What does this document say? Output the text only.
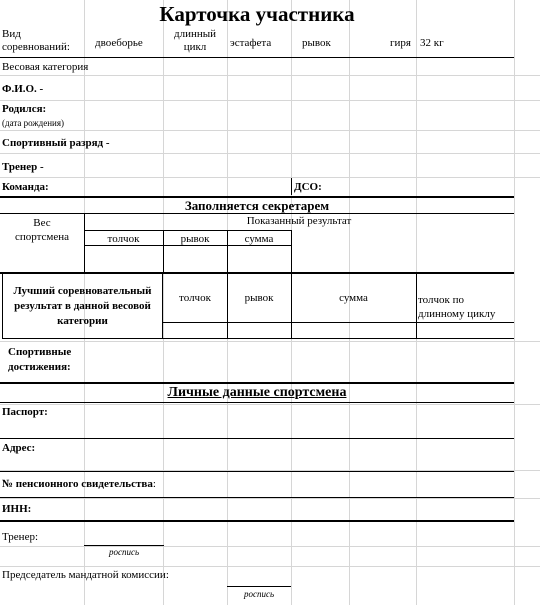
Карточка участника
Вид
соревнований: двоеборье
длинный
цикл	эстафета	рывок	гиря 32 кг
Весовая категория
Ф.И.О. -
Родился:
(дата рождения)
Спортивный разряд -
Тренер -
Команда:	ДСО:
Заполняется секретарем
Вес
спортсмена
Показанный результат
толчок	рывок	сумма
Лучший соревновательный
результат в данной весовой
категории
толчок	рывок	сумма	толчок по
длинному циклу
Спортивные
достижения:
Личные данные спортсмена
Паспорт:
Адрес:
№ пенсионного свидетельства:
ИНН:
Тренер:
роспись
Председатель мандатной комиссии:
роспись
